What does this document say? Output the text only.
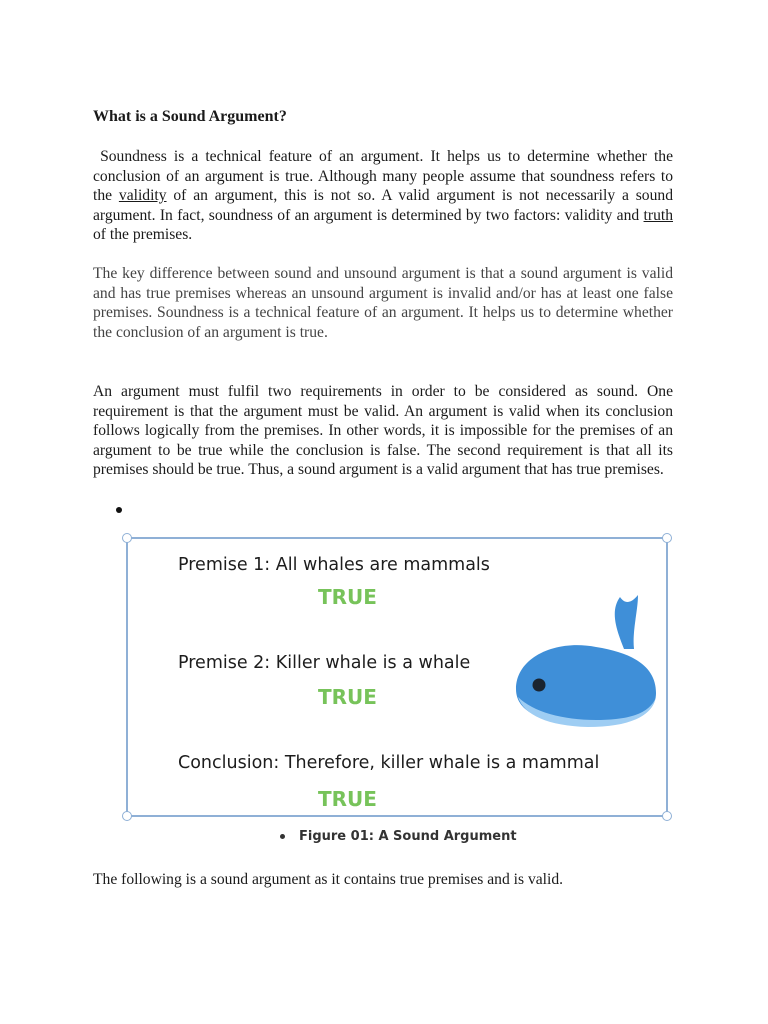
What is a Sound Argument?

Soundness is a technical feature of an argument. It helps us to determine whether the conclusion of an argument is true. Although many people assume that soundness refers to the validity of an argument, this is not so. A valid argument is not necessarily a sound argument. In fact, soundness of an argument is determined by two factors: validity and truth of the premises.

The key difference between sound and unsound argument is that a sound argument is valid and has true premises whereas an unsound argument is invalid and/or has at least one false premises. Soundness is a technical feature of an argument. It helps us to determine whether the conclusion of an argument is true.

An argument must fulfil two requirements in order to be considered as sound. One requirement is that the argument must be valid. An argument is valid when its conclusion follows logically from the premises. In other words, it is impossible for the premises of an argument to be true while the conclusion is false. The second requirement is that all its premises should be true. Thus, a sound argument is a valid argument that has true premises.

Premise 1: All whales are mammals
TRUE
Premise 2: Killer whale is a whale
TRUE
Conclusion: Therefore, killer whale is a mammal
TRUE
Figure 01: A Sound Argument
The following is a sound argument as it contains true premises and is valid.
